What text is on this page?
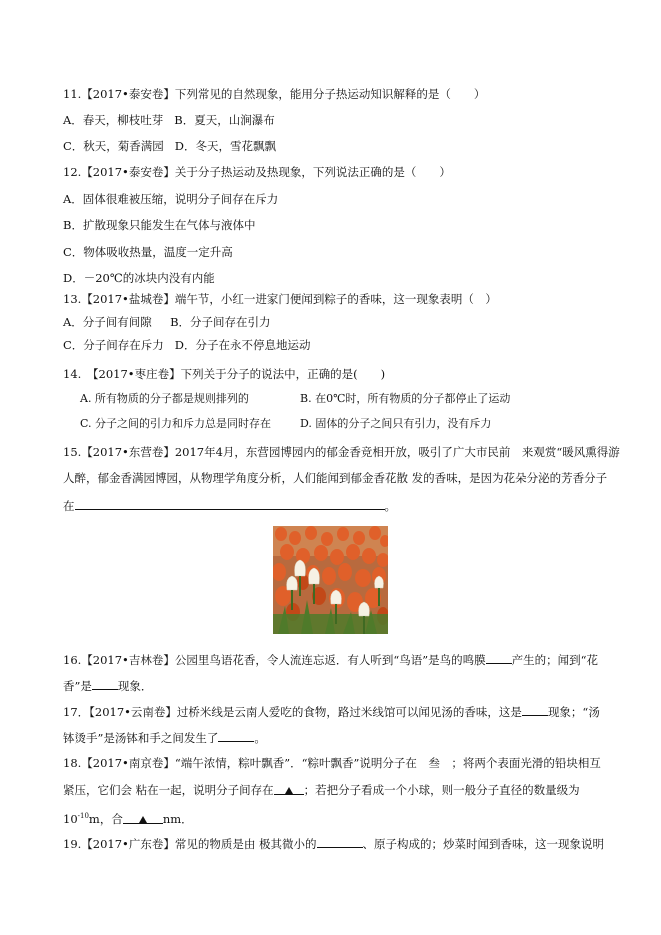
11.【2017•泰安卷】下列常见的自然现象，能用分子热运动知识解释的是（　　）
A．春天，柳枝吐芽 B．夏天，山涧瀑布
C．秋天，菊香满园 D．冬天，雪花飘飘
12.【2017•泰安卷】关于分子热运动及热现象，下列说法正确的是（　　）
A．固体很难被压缩，说明分子间存在斥力
B．扩散现象只能发生在气体与液体中
C．物体吸收热量，温度一定升高
D．－20℃的冰块内没有内能
13.【2017•盐城卷】端午节，小红一进家门便闻到粽子的香味，这一现象表明（　）
A．分子间有间隙 B．分子间存在引力
C．分子间存在斥力 D．分子在永不停息地运动
14.　【2017•枣庄卷】下列关于分子的说法中，正确的是(　　)
A. 所有物质的分子都是规则排列的	B. 在0℃时，所有物质的分子都停止了运动
C. 分子之间的引力和斥力总是同时存在	D. 固体的分子之间只有引力，没有斥力
15.【2017•东营卷】2017年4月，东营园博园内的郁金香竞相开放，吸引了广大市民前　来观赏“暖风熏得游
人醉，郁金香满园博园，从物理学角度分析，人们能闻到郁金香花散 发的香味，是因为花朵分泌的芳香分子
在	。
16.【2017•吉林卷】公园里鸟语花香，令人流连忘返．有人听到“鸟语”是鸟的鸣膜 产生的；闻到“花
香”是 现象．
17．【2017•云南卷】过桥米线是云南人爱吃的食物，路过米线馆可以闻见汤的香味，这是 现象；“汤
钵烫手”是汤钵和手之间发生了	。
18.【2017•南京卷】“端午浓情，粽叶飘香”．“粽叶飘香”说明分子在　叁　；将两个表面光滑的铅块相互
紧压，它们会 粘在一起，说明分子间存在	；若把分子看成一个小球，则一般分子直径的数量级为
$10^{-10}m$，合	nm．
19.【2017•广东卷】常见的物质是由 极其微小的	、原子构成的；炒菜时闻到香味，这一现象说明
